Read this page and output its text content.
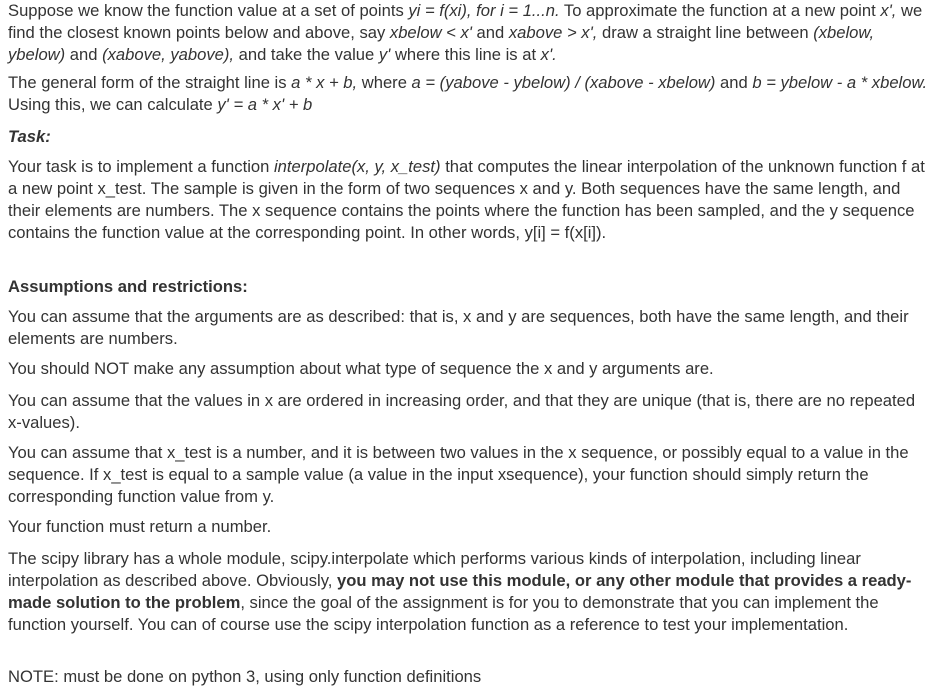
Suppose we know the function value at a set of points yi = f(xi), for i = 1...n. To approximate the function at a new point x', we find the closest known points below and above, say xbelow < x' and xabove > x', draw a straight line between (xbelow, ybelow) and (xabove, yabove), and take the value y' where this line is at x'.

The general form of the straight line is a * x + b, where a = (yabove - ybelow) / (xabove - xbelow) and b = ybelow - a * xbelow. Using this, we can calculate y' = a * x' + b

Task:

Your task is to implement a function interpolate(x, y, x_test) that computes the linear interpolation of the unknown function f at a new point x_test. The sample is given in the form of two sequences x and y. Both sequences have the same length, and their elements are numbers. The x sequence contains the points where the function has been sampled, and the y sequence contains the function value at the corresponding point. In other words, y[i] = f(x[i]).

Assumptions and restrictions:

You can assume that the arguments are as described: that is, x and y are sequences, both have the same length, and their elements are numbers.

You should NOT make any assumption about what type of sequence the x and y arguments are.

You can assume that the values in x are ordered in increasing order, and that they are unique (that is, there are no repeated x-values).

You can assume that x_test is a number, and it is between two values in the x sequence, or possibly equal to a value in the sequence. If x_test is equal to a sample value (a value in the input xsequence), your function should simply return the corresponding function value from y.

Your function must return a number.

The scipy library has a whole module, scipy.interpolate which performs various kinds of interpolation, including linear interpolation as described above. Obviously, you may not use this module, or any other module that provides a ready-made solution to the problem, since the goal of the assignment is for you to demonstrate that you can implement the function yourself. You can of course use the scipy interpolation function as a reference to test your implementation.

NOTE: must be done on python 3, using only function definitions
